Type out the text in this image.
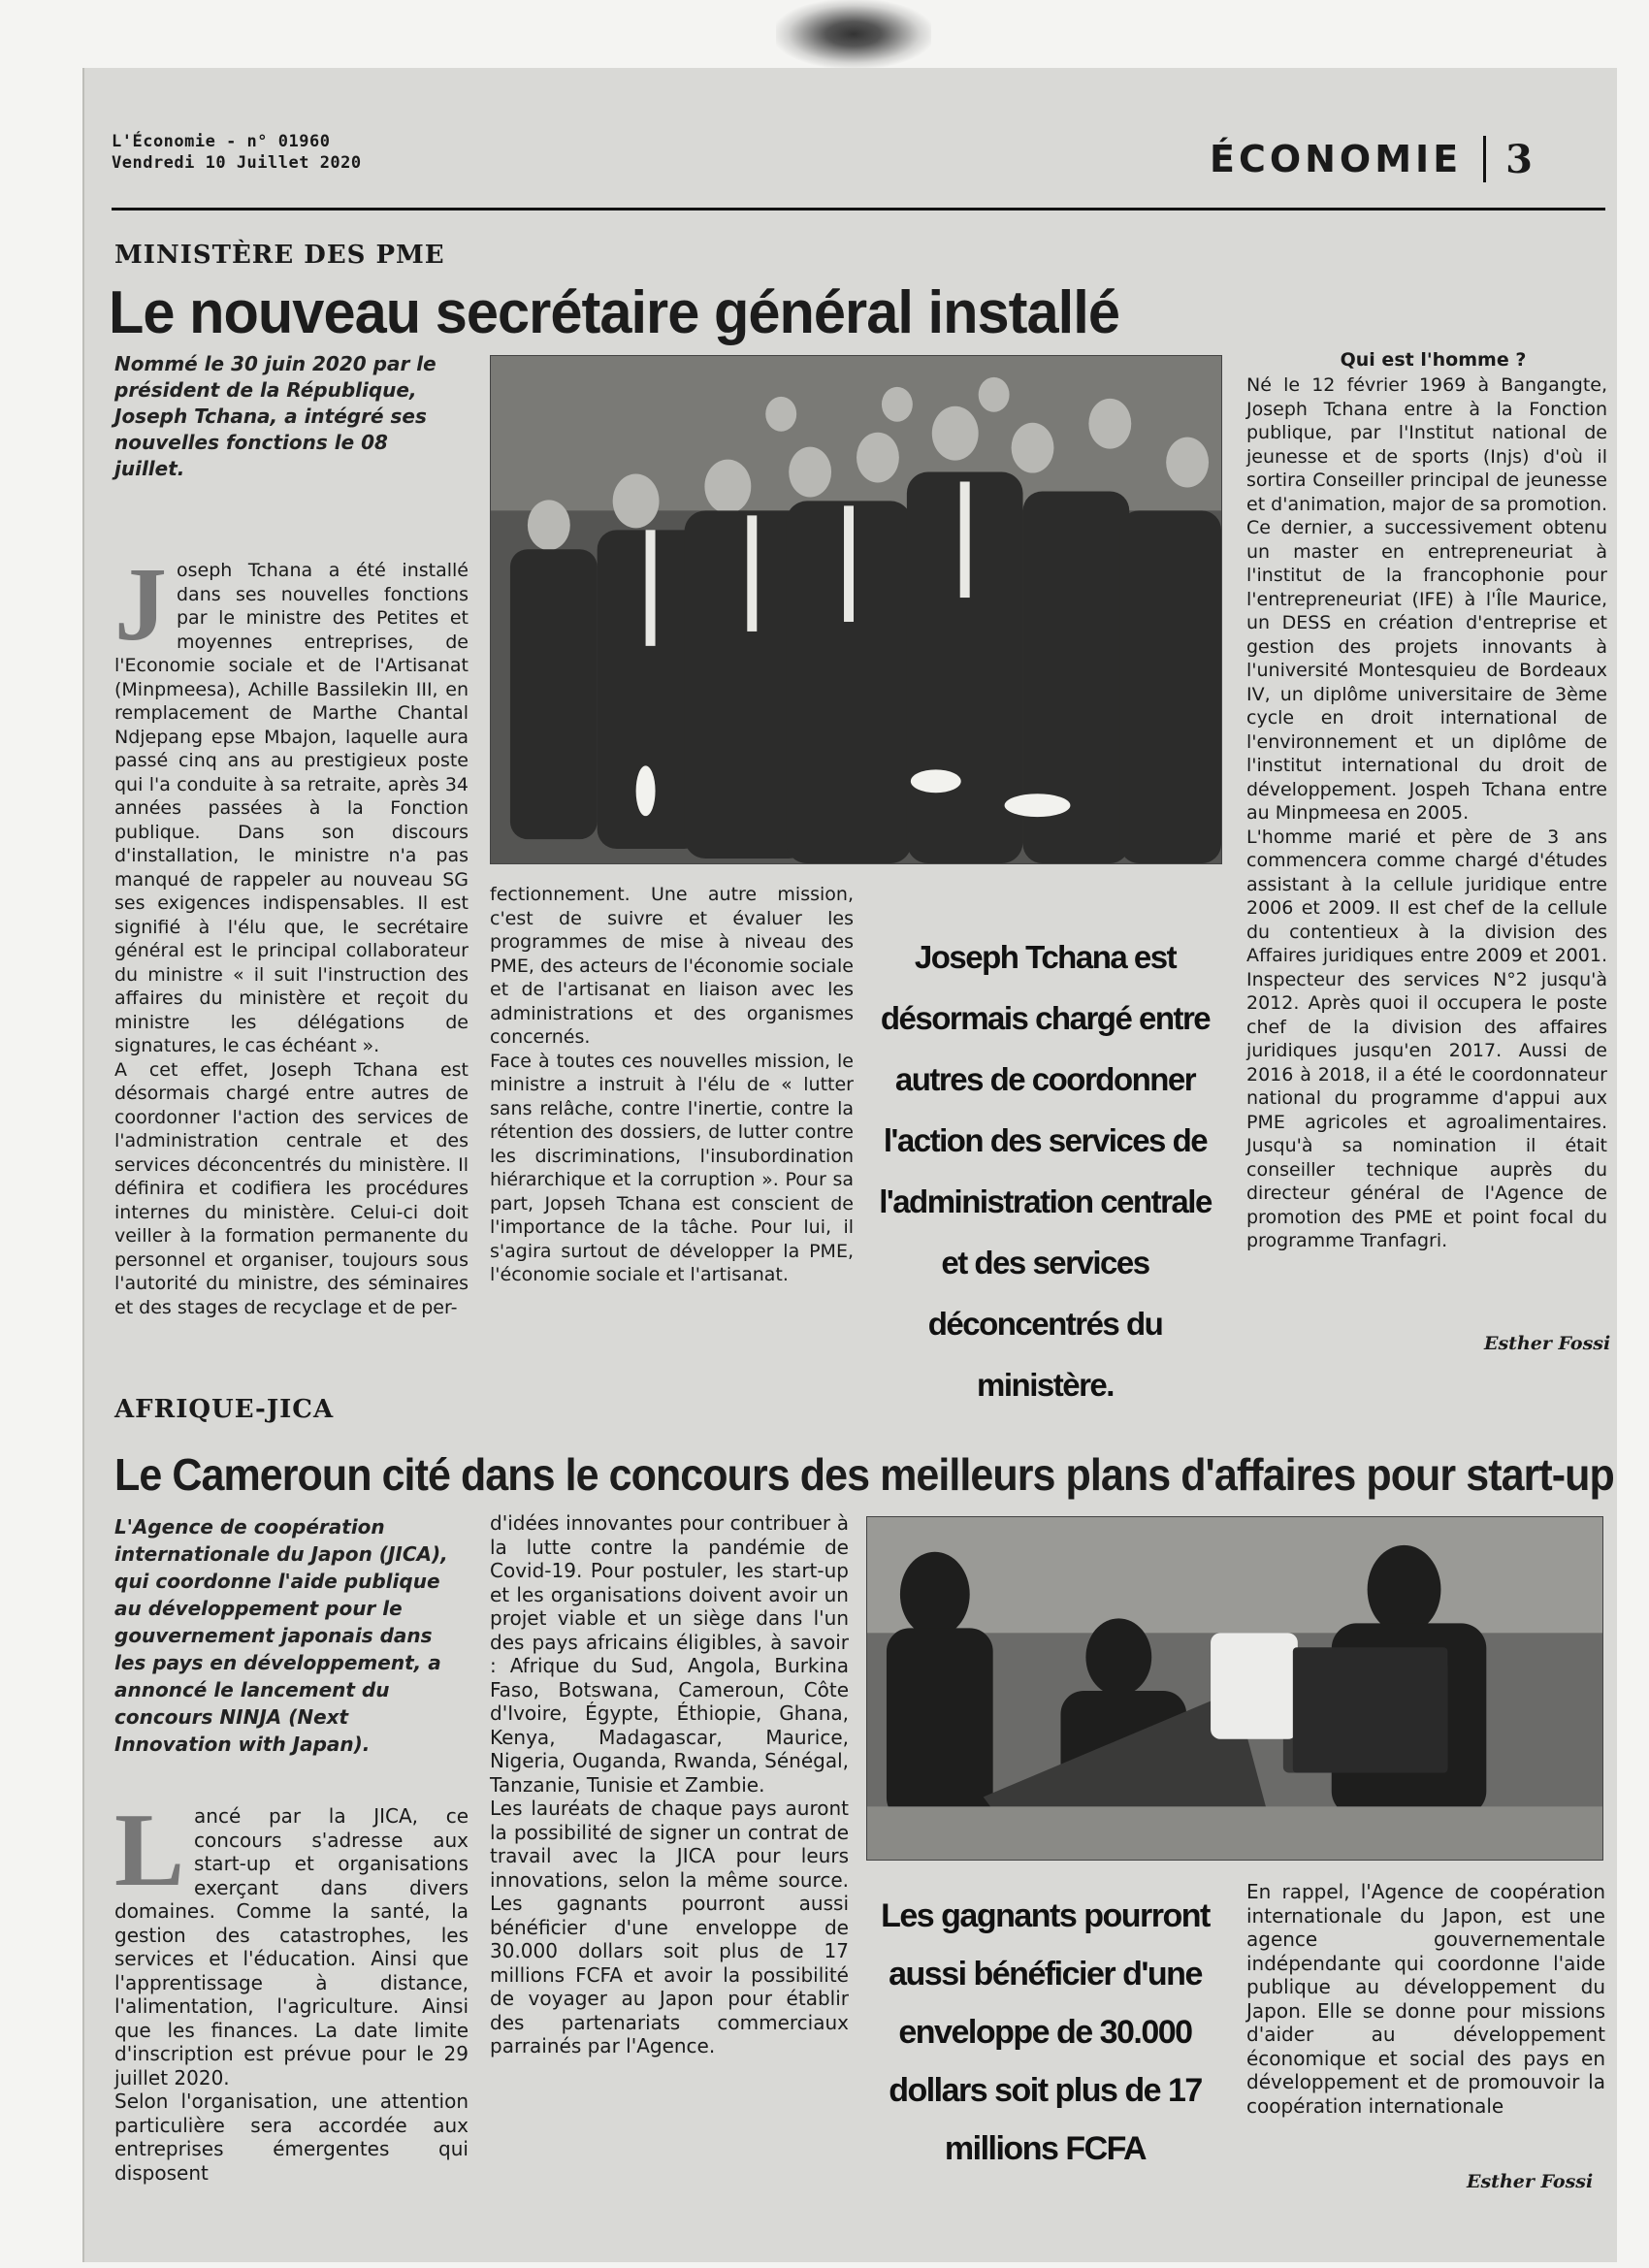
L'Économie - n° 01960
Vendredi 10 Juillet 2020	ÉCONOMIE	3
MINISTÈRE DES PME
Le nouveau secrétaire général installé
Nommé le 30 juin 2020 par le président de la République, Joseph Tchana, a intégré ses nouvelles fonctions le 08 juillet.
J oseph Tchana a été installé dans ses nouvelles fonctions par le ministre des Petites et moyennes entreprises, de l'Economie sociale et de l'Artisanat (Minpmeesa), Achille Bassilekin III, en remplacement de Marthe Chantal Ndjepang epse Mbajon, laquelle aura passé cinq ans au prestigieux poste qui l'a conduite à sa retraite, après 34 années passées à la Fonction publique. Dans son discours d'installation, le ministre n'a pas manqué de rappeler au nouveau SG ses exigences indispensables. Il est signifié à l'élu que, le secrétaire général est le principal collaborateur du ministre « il suit l'instruction des affaires du ministère et reçoit du ministre les délégations de signatures, le cas échéant ».

A cet effet, Joseph Tchana est désormais chargé entre autres de coordonner l'action des services de l'administration centrale et des services déconcentrés du ministère. Il définira et codifiera les procédures internes du ministère. Celui-ci doit veiller à la formation permanente du personnel et organiser, toujours sous l'autorité du ministre, des séminaires et des stages de recyclage et de per-

fectionnement. Une autre mission, c'est de suivre et évaluer les programmes de mise à niveau des PME, des acteurs de l'économie sociale et de l'artisanat en liaison avec les administrations et des organismes concernés.

Face à toutes ces nouvelles mission, le ministre a instruit à l'élu de « lutter sans relâche, contre l'inertie, contre la rétention des dossiers, de lutter contre les discriminations, l'insubordination hiérarchique et la corruption ». Pour sa part, Jopseh Tchana est conscient de l'importance de la tâche. Pour lui, il s'agira surtout de développer la PME, l'économie sociale et l'artisanat.

Joseph Tchana est désormais chargé entre autres de coordonner l'action des services de l'administration centrale et des services déconcentrés du ministère.
Qui est l'homme ?

Né le 12 février 1969 à Bangangte, Joseph Tchana entre à la Fonction publique, par l'Institut national de jeunesse et de sports (Injs) d'où il sortira Conseiller principal de jeunesse et d'animation, major de sa promotion. Ce dernier, a successivement obtenu un master en entrepreneuriat à l'institut de la francophonie pour l'entrepreneuriat (IFE) à l'Île Maurice, un DESS en création d'entreprise et gestion des projets innovants à l'université Montesquieu de Bordeaux IV, un diplôme universitaire de 3ème cycle en droit international de l'environnement et un diplôme de l'institut international du droit de développement. Jospeh Tchana entre au Minpmeesa en 2005.

L'homme marié et père de 3 ans commencera comme chargé d'études assistant à la cellule juridique entre 2006 et 2009. Il est chef de la cellule du contentieux à la division des Affaires juridiques entre 2009 et 2001. Inspecteur des services N°2 jusqu'à 2012. Après quoi il occupera le poste chef de la division des affaires juridiques jusqu'en 2017. Aussi de 2016 à 2018, il a été le coordonnateur national du programme d'appui aux PME agricoles et agroalimentaires. Jusqu'à sa nomination il était conseiller technique auprès du directeur général de l'Agence de promotion des PME et point focal du programme Tranfagri.

Esther Fossi
AFRIQUE-JICA
Le Cameroun cité dans le concours des meilleurs plans d'affaires pour start-up
L'Agence de coopération internationale du Japon (JICA), qui coordonne l'aide publique au développement pour le gouvernement japonais dans les pays en développement, a annoncé le lancement du concours NINJA (Next Innovation with Japan).
L ancé par la JICA, ce concours s'adresse aux start-up et organisations exerçant dans divers domaines. Comme la santé, la gestion des catastrophes, les services et l'éducation. Ainsi que l'apprentissage à distance, l'alimentation, l'agriculture. Ainsi que les finances. La date limite d'inscription est prévue pour le 29 juillet 2020.

Selon l'organisation, une attention particulière sera accordée aux entreprises émergentes qui disposent

d'idées innovantes pour contribuer à la lutte contre la pandémie de Covid-19. Pour postuler, les start-up et les organisations doivent avoir un projet viable et un siège dans l'un des pays africains éligibles, à savoir : Afrique du Sud, Angola, Burkina Faso, Botswana, Cameroun, Côte d'Ivoire, Égypte, Éthiopie, Ghana, Kenya, Madagascar, Maurice, Nigeria, Ouganda, Rwanda, Sénégal, Tanzanie, Tunisie et Zambie.

Les lauréats de chaque pays auront la possibilité de signer un contrat de travail avec la JICA pour leurs innovations, selon la même source. Les gagnants pourront aussi bénéficier d'une enveloppe de 30.000 dollars soit plus de 17 millions FCFA et avoir la possibilité de voyager au Japon pour établir des partenariats commerciaux parrainés par l'Agence.

Les gagnants pourront aussi bénéficier d'une enveloppe de 30.000 dollars soit plus de 17 millions FCFA

En rappel, l'Agence de coopération internationale du Japon, est une agence gouvernementale indépendante qui coordonne l'aide publique au développement du Japon. Elle se donne pour missions d'aider au développement économique et social des pays en développement et de promouvoir la coopération internationale

Esther Fossi
